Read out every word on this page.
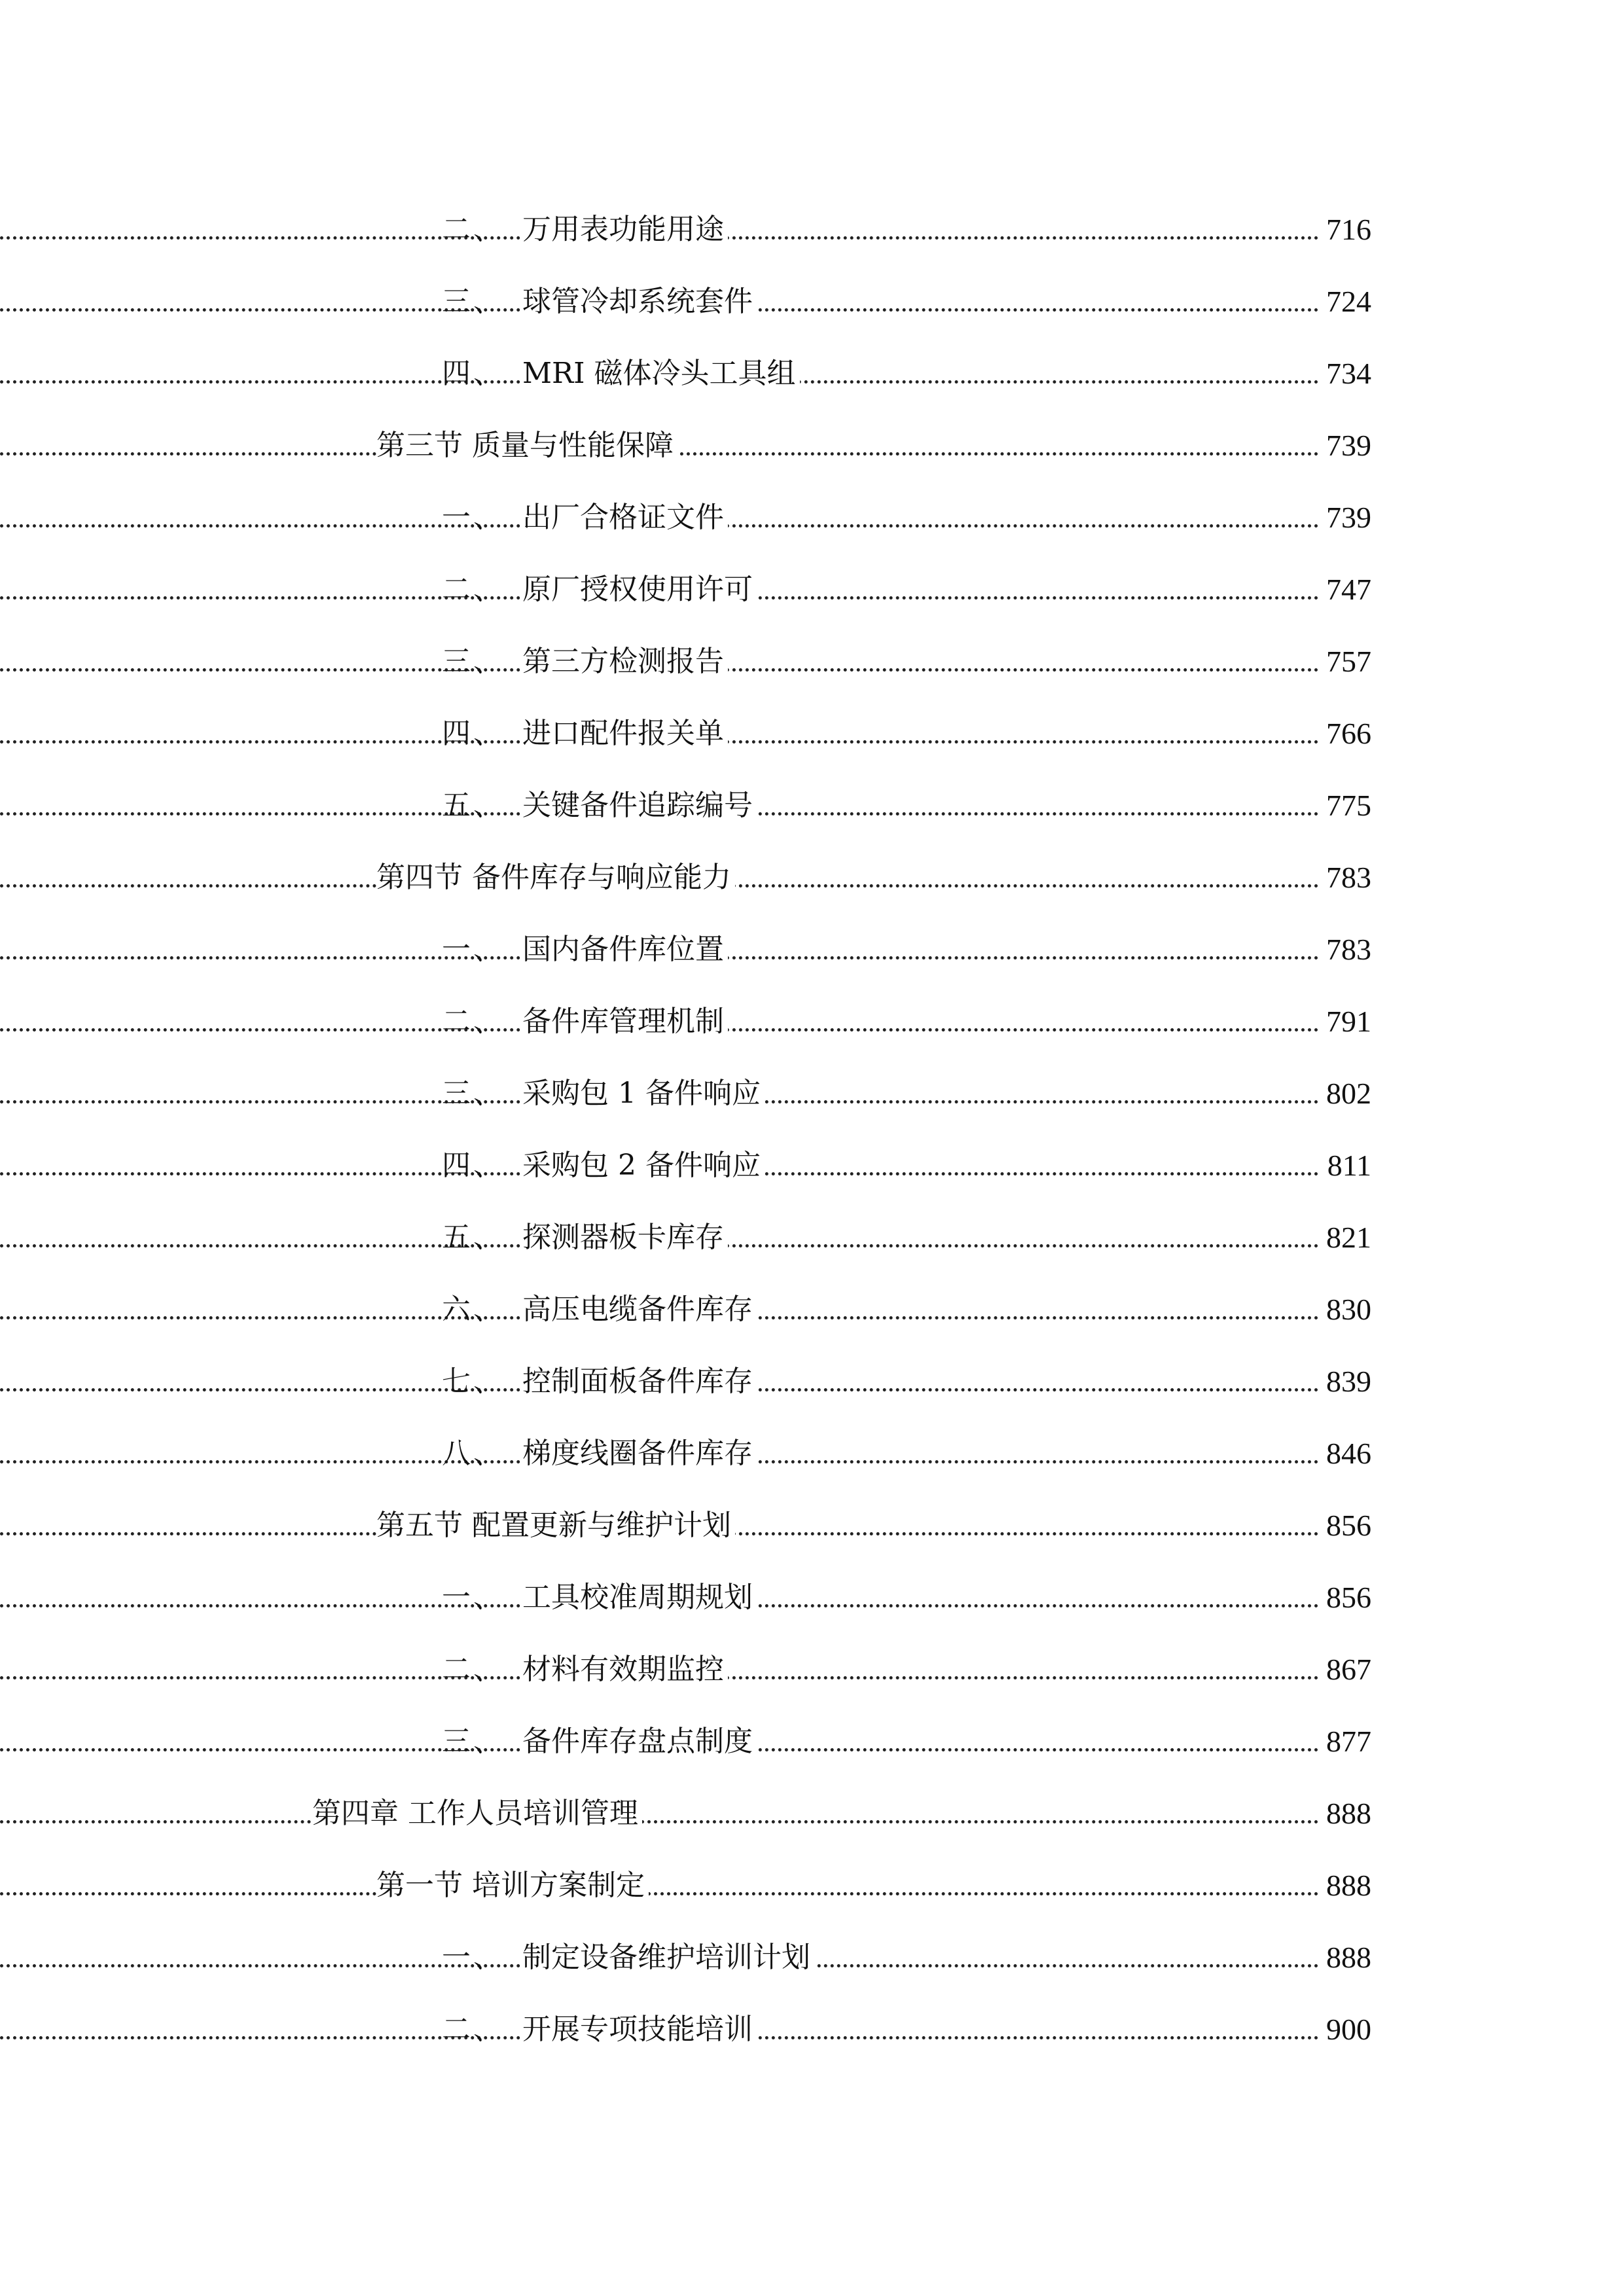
二、 万用表功能用途	716
三、 球管冷却系统套件	724
四、 MRI 磁体冷头工具组	734
第三节 质量与性能保障	739
一、 出厂合格证文件	739
二、 原厂授权使用许可	747
三、 第三方检测报告	757
四、 进口配件报关单	766
五、 关键备件追踪编号	775
第四节 备件库存与响应能力	783
一、 国内备件库位置	783
二、 备件库管理机制	791
三、 采购包 1 备件响应	802
四、 采购包 2 备件响应	811
五、 探测器板卡库存	821
六、 高压电缆备件库存	830
七、 控制面板备件库存	839
八、 梯度线圈备件库存	846
第五节 配置更新与维护计划	856
一、 工具校准周期规划	856
二、 材料有效期监控	867
三、 备件库存盘点制度	877
第四章 工作人员培训管理	888
第一节 培训方案制定	888
一、 制定设备维护培训计划	888
二、 开展专项技能培训	900
